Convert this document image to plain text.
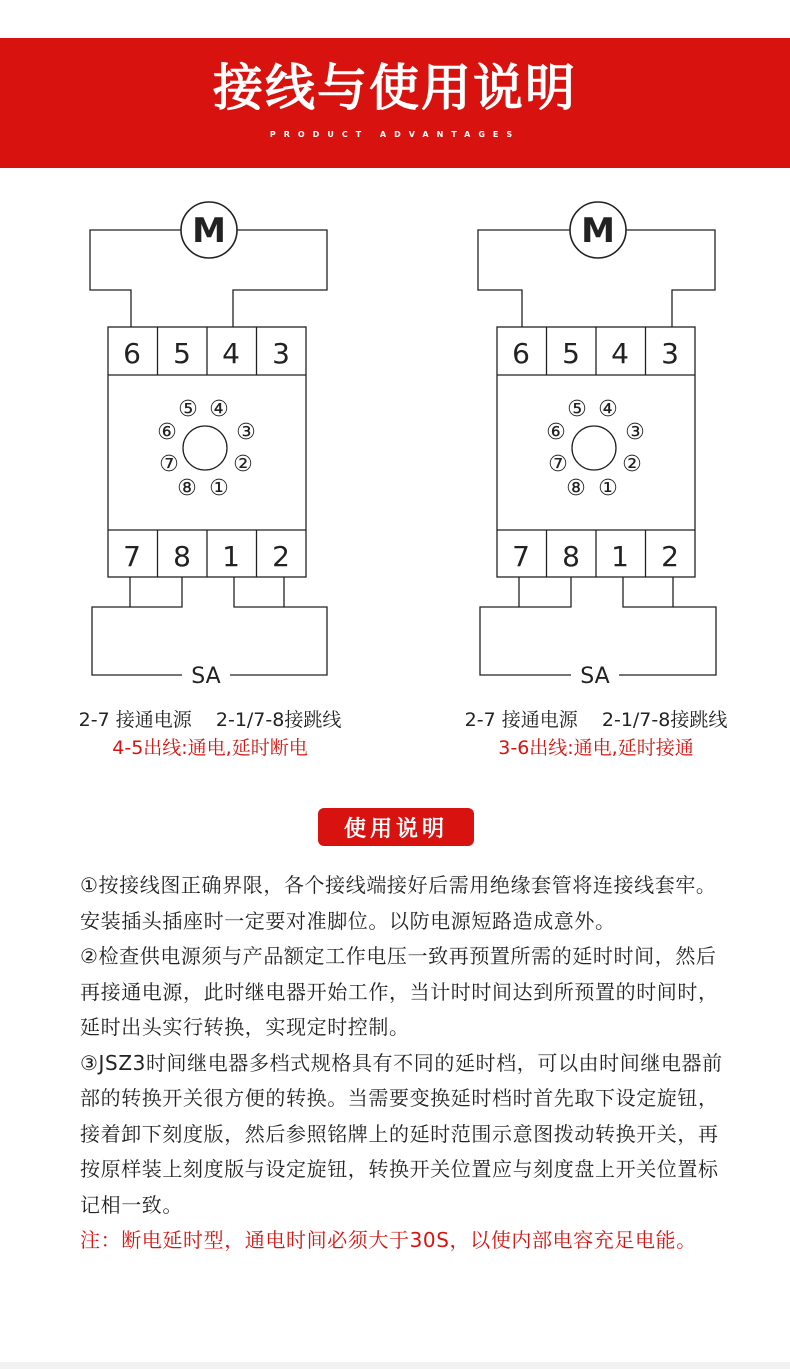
接线与使用说明
PRODUCT ADVANTAGES
M
6 5 4 3
7 8 1 2
①
②
③
④
⑤
⑥
⑦
⑧
SA
M
6 5 4 3
7 8 1 2
①
②
③
④
⑤
⑥
⑦
⑧
SA
2-7 接通电源    2-1/7-8接跳线
4-5出线:通电,延时断电
2-7 接通电源    2-1/7-8接跳线
3-6出线:通电,延时接通
使用说明

①按接线图正确界限，各个接线端接好后需用绝缘套管将连接线套牢。安装插头插座时一定要对准脚位。以防电源短路造成意外。

②检查供电源须与产品额定工作电压一致再预置所需的延时时间，然后再接通电源，此时继电器开始工作，当计时时间达到所预置的时间时，延时出头实行转换，实现定时控制。

③JSZ3时间继电器多档式规格具有不同的延时档，可以由时间继电器前部的转换开关很方便的转换。当需要变换延时档时首先取下设定旋钮，接着卸下刻度版，然后参照铭牌上的延时范围示意图拨动转换开关，再按原样装上刻度版与设定旋钮，转换开关位置应与刻度盘上开关位置标记相一致。

注：断电延时型，通电时间必须大于30S，以使内部电容充足电能。
